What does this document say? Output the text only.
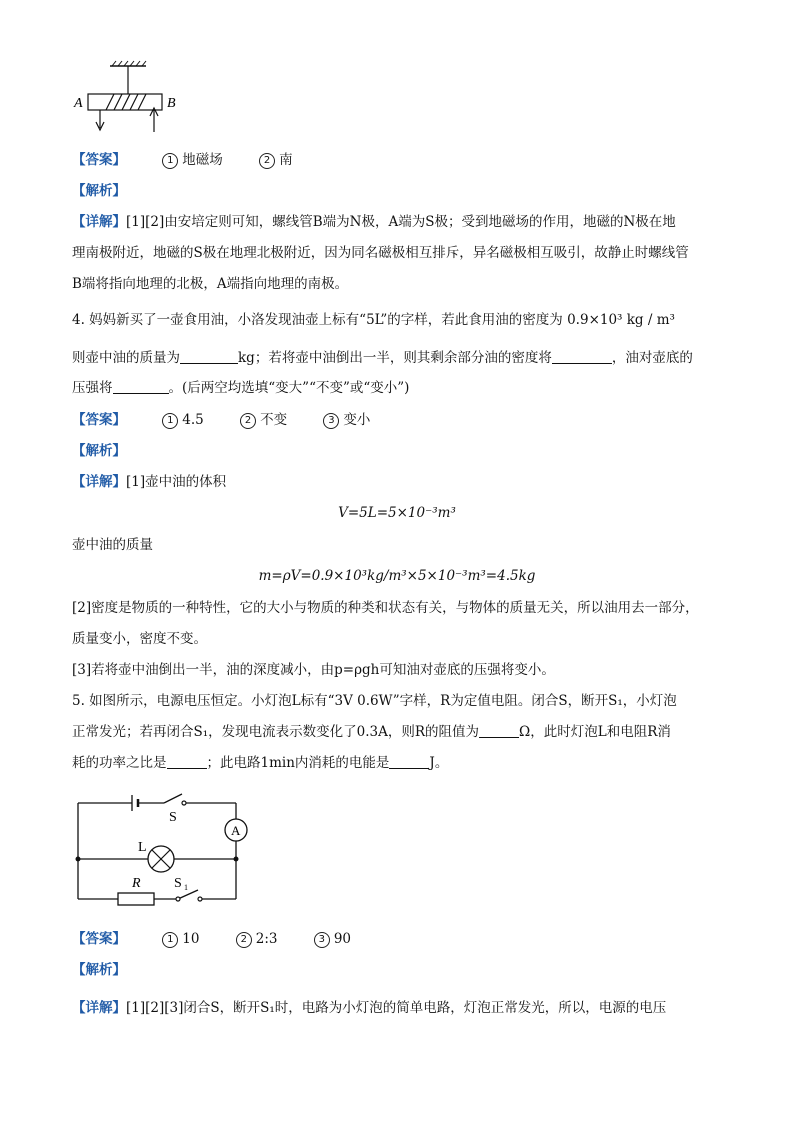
A	B
【答案】	1 地磁场	2 南
【解析】
【详解】[1][2]由安培定则可知，螺线管B端为N极，A端为S极；受到地磁场的作用，地磁的N极在地
理南极附近，地磁的S极在地理北极附近，因为同名磁极相互排斥，异名磁极相互吸引，故静止时螺线管
B端将指向地理的北极，A端指向地理的南极。
4. 妈妈新买了一壶食用油，小洛发现油壶上标有“5L”的字样，若此食用油的密度为 0.9×10³ kg / m³
则壶中油的质量为	kg；若将壶中油倒出一半，则其剩余部分油的密度将	，油对壶底的
压强将	。(后两空均选填“变大”“不变”或“变小”)
【答案】	1 4.5	2 不变	3 变小
【解析】
【详解】[1]壶中油的体积
V=5L=5×10⁻³m³
壶中油的质量
m=ρV=0.9×10³kg/m³×5×10⁻³m³=4.5kg
[2]密度是物质的一种特性，它的大小与物质的种类和状态有关，与物体的质量无关，所以油用去一部分，
质量变小，密度不变。
[3]若将壶中油倒出一半，油的深度减小，由p=ρgh可知油对壶底的压强将变小。
5. 如图所示，电源电压恒定。小灯泡L标有“3V 0.6W”字样，R为定值电阻。闭合S，断开S₁，小灯泡
正常发光；若再闭合S₁，发现电流表示数变化了0.3A，则R的阻值为	Ω，此时灯泡L和电阻R消
耗的功率之比是	；此电路1min内消耗的电能是	J。
S
A
L
R S 1
【答案】	1 10	2 2:3	3 90
【解析】
【详解】[1][2][3]闭合S，断开S₁时，电路为小灯泡的简单电路，灯泡正常发光，所以，电源的电压
